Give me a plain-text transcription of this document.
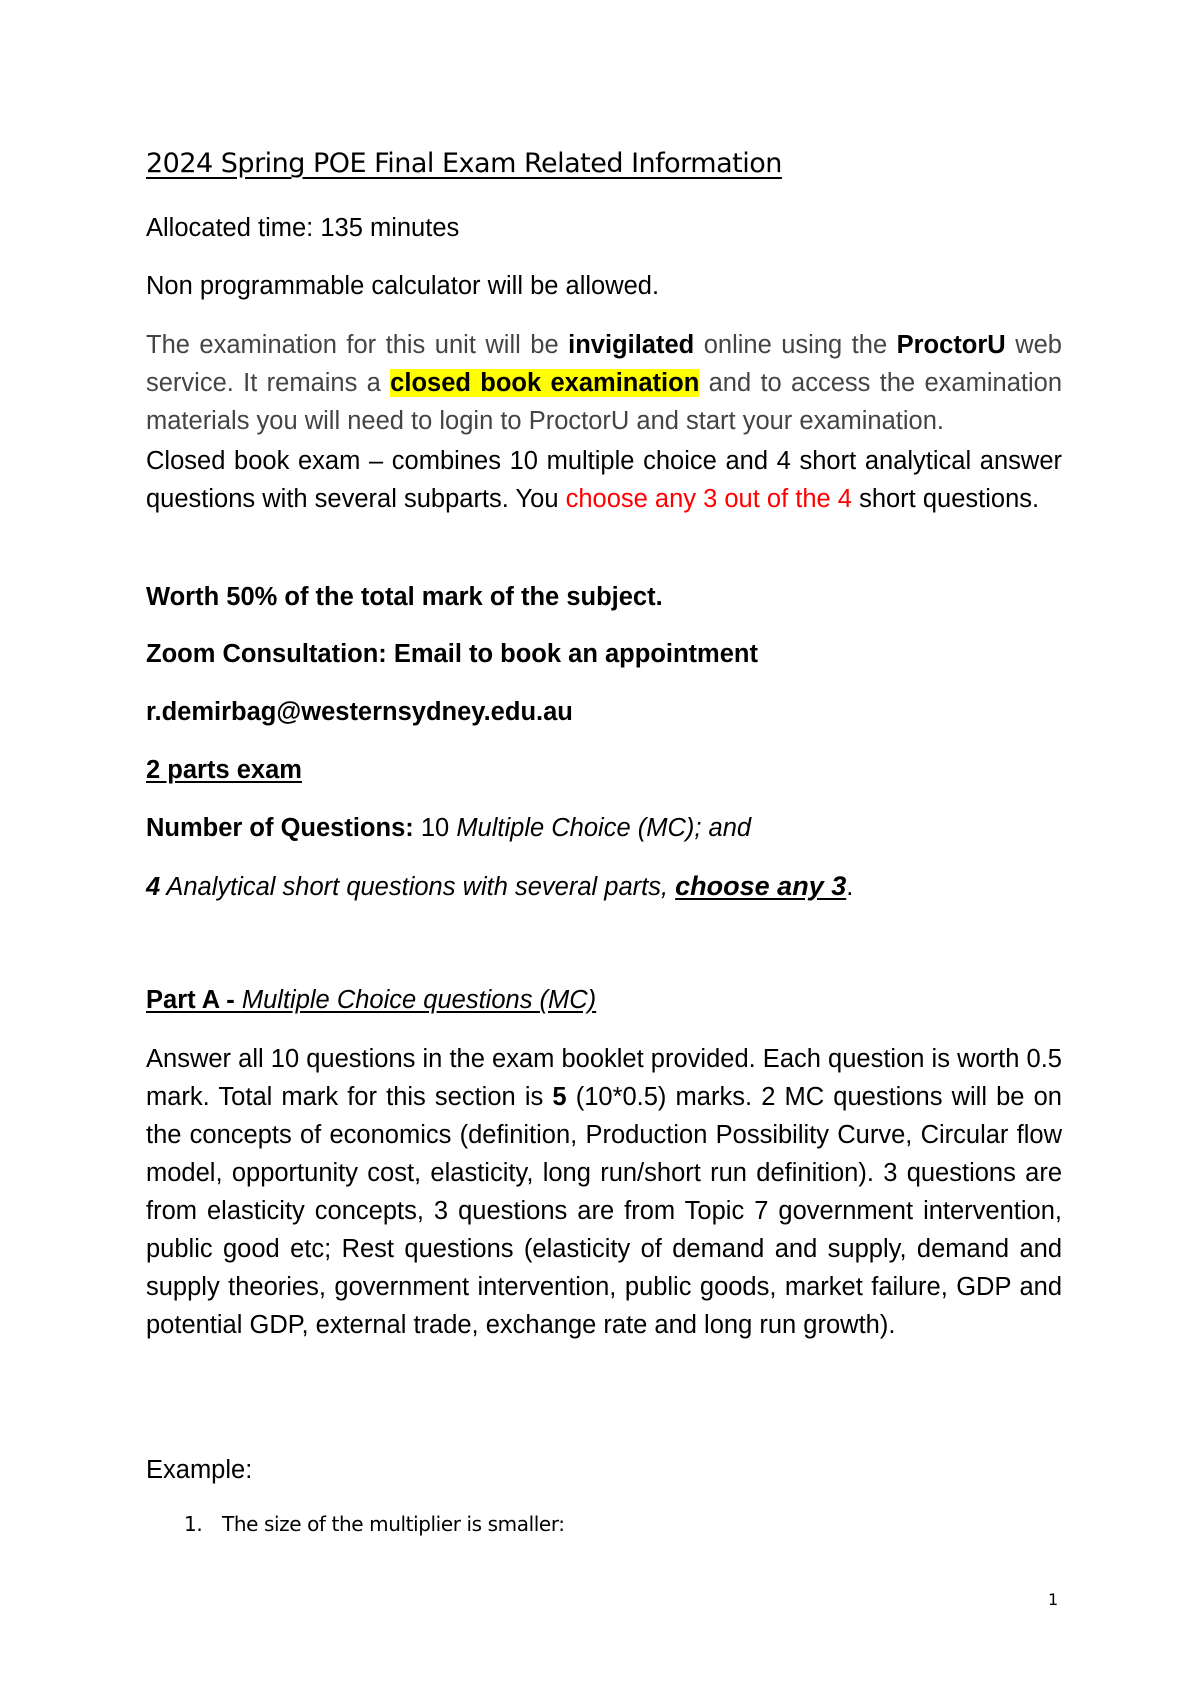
2024 Spring POE Final Exam Related Information
Allocated time: 135 minutes
Non programmable calculator will be allowed.
The examination for this unit will be invigilated online using the ProctorU web service. It remains a closed book examination and to access the examination materials you will need to login to ProctorU and start your examination.
Closed book exam – combines 10 multiple choice and 4 short analytical answer questions with several subparts. You choose any 3 out of the 4 short questions.
Worth 50% of the total mark of the subject.
Zoom Consultation: Email to book an appointment
r.demirbag@westernsydney.edu.au
2 parts exam
Number of Questions: 10 Multiple Choice (MC); and
4 Analytical short questions with several parts, choose any 3.
Part A - Multiple Choice questions (MC)
Answer all 10 questions in the exam booklet provided. Each question is worth 0.5 mark. Total mark for this section is 5 (10*0.5) marks. 2 MC questions will be on the concepts of economics (definition, Production Possibility Curve, Circular flow model, opportunity cost, elasticity, long run/short run definition). 3 questions are from elasticity concepts, 3 questions are from Topic 7 government intervention, public good etc; Rest questions (elasticity of demand and supply, demand and supply theories, government intervention, public goods, market failure, GDP and potential GDP, external trade, exchange rate and long run growth).
Example:
1. The size of the multiplier is smaller:
1
